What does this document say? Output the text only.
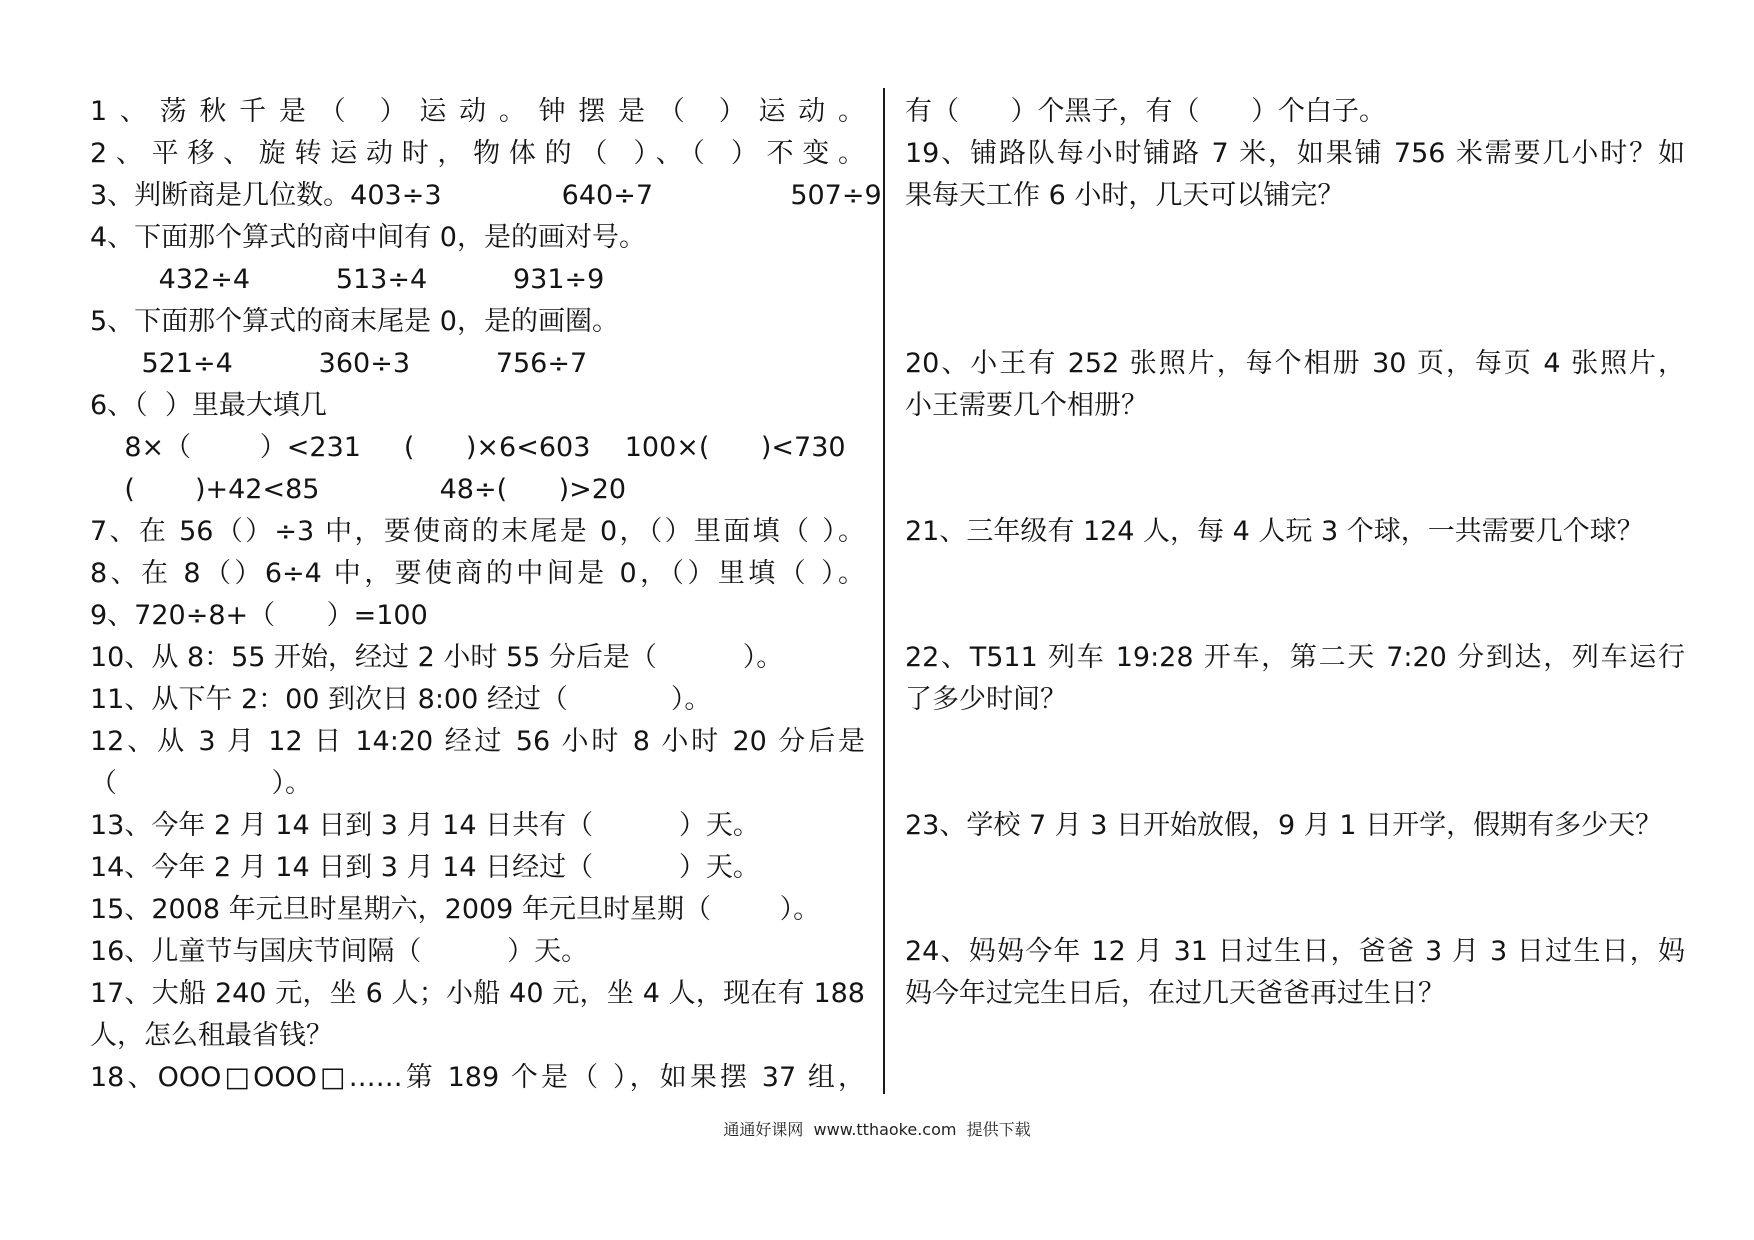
1、荡秋千是（ ）运动。钟摆是（ ）运动。
2、平移、旋转运动时，物体的（ ）、（ ）不变。
3、判断商是几位数。403÷3              640÷7                507÷9
4、下面那个算式的商中间有 0，是的画对号。
432÷4          513÷4          931÷9
5、下面那个算式的商末尾是 0，是的画圈。
521÷4          360÷3          756÷7
6、（  ）里最大填几
8×（        ）<231     (      )×6<603    100×(      )<730
(       )+42<85              48÷(      )>20
7、在 56（）÷3 中，要使商的末尾是 0，（）里面填（ ）。
8、在 8（）6÷4 中，要使商的中间是 0，（）里填（ ）。
9、720÷8+（      ）=100
10、从 8：55 开始，经过 2 小时 55 分后是（          ）。
11、从下午 2：00 到次日 8:00 经过（            ）。
12、从 3 月 12 日 14:20 经过 56 小时 8 小时 20 分后是
（                  ）。
13、今年 2 月 14 日到 3 月 14 日共有（          ）天。
14、今年 2 月 14 日到 3 月 14 日经过（          ）天。
15、2008 年元旦时星期六，2009 年元旦时星期（        ）。
16、儿童节与国庆节间隔（          ）天。
17、大船 240 元，坐 6 人；小船 40 元，坐 4 人，现在有 188
人，怎么租最省钱？
18、OOO□OOO□……第 189 个是（ ），如果摆 37 组，
有（      ）个黑子，有（      ）个白子。
19、铺路队每小时铺路 7 米，如果铺 756 米需要几小时？如
果每天工作 6 小时，几天可以铺完？
20、小王有 252 张照片，每个相册 30 页，每页 4 张照片，
小王需要几个相册？
21、三年级有 124 人，每 4 人玩 3 个球，一共需要几个球？
22、T511 列车 19:28 开车，第二天 7:20 分到达，列车运行
了多少时间？
23、学校 7 月 3 日开始放假，9 月 1 日开学，假期有多少天？
24、妈妈今年 12 月 31 日过生日，爸爸 3 月 3 日过生日，妈
妈今年过完生日后，在过几天爸爸再过生日？
通通好课网  www.tthaoke.com  提供下载
